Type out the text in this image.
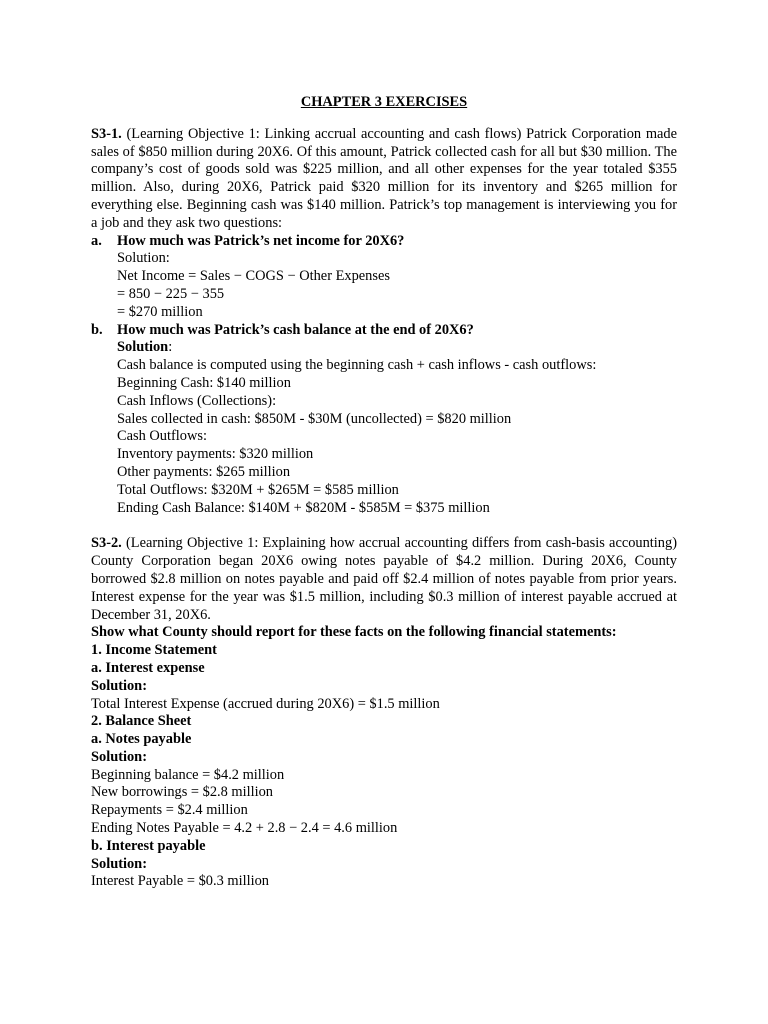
CHAPTER 3 EXERCISES

S3-1. (Learning Objective 1: Linking accrual accounting and cash flows) Patrick Corporation made sales of $850 million during 20X6. Of this amount, Patrick collected cash for all but $30 million. The company’s cost of goods sold was $225 million, and all other expenses for the year totaled $355 million. Also, during 20X6, Patrick paid $320 million for its inventory and $265 million for everything else. Beginning cash was $140 million. Patrick’s top management is interviewing you for a job and they ask two questions:

a. How much was Patrick’s net income for 20X6?

Solution:

Net Income = Sales − COGS − Other Expenses

= 850 − 225 − 355

= $270 million

b. How much was Patrick’s cash balance at the end of 20X6?

Solution:

Cash balance is computed using the beginning cash + cash inflows - cash outflows:

Beginning Cash: $140 million

Cash Inflows (Collections):

Sales collected in cash: $850M - $30M (uncollected) = $820 million

Cash Outflows:

Inventory payments: $320 million

Other payments: $265 million

Total Outflows: $320M + $265M = $585 million

Ending Cash Balance: $140M + $820M - $585M = $375 million

S3-2. (Learning Objective 1: Explaining how accrual accounting differs from cash-basis accounting) County Corporation began 20X6 owing notes payable of $4.2 million. During 20X6, County borrowed $2.8 million on notes payable and paid off $2.4 million of notes payable from prior years. Interest expense for the year was $1.5 million, including $0.3 million of interest payable accrued at December 31, 20X6.

Show what County should report for these facts on the following financial statements:

1. Income Statement

a. Interest expense

Solution:

Total Interest Expense (accrued during 20X6) = $1.5 million

2. Balance Sheet

a. Notes payable

Solution:

Beginning balance = $4.2 million

New borrowings = $2.8 million

Repayments = $2.4 million

Ending Notes Payable = 4.2 + 2.8 − 2.4 = 4.6 million

b. Interest payable

Solution:

Interest Payable = $0.3 million
